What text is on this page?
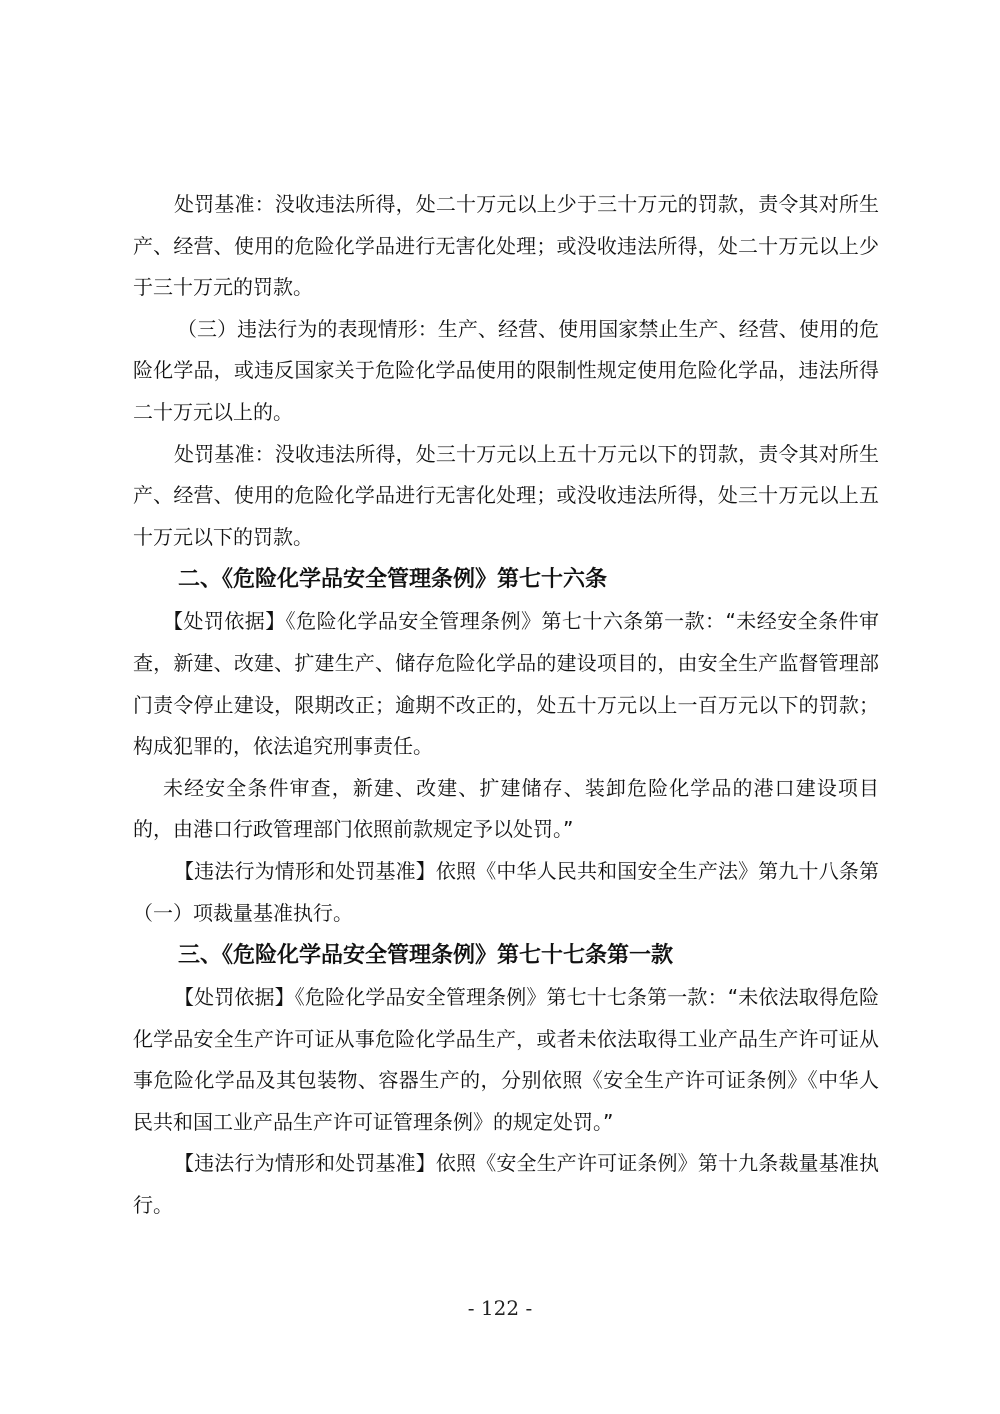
处罚基准：没收违法所得，处二十万元以上少于三十万元的罚款，责令其对所生产、经营、使用的危险化学品进行无害化处理；或没收违法所得，处二十万元以上少于三十万元的罚款。

（三）违法行为的表现情形：生产、经营、使用国家禁止生产、经营、使用的危险化学品，或违反国家关于危险化学品使用的限制性规定使用危险化学品，违法所得二十万元以上的。

处罚基准：没收违法所得，处三十万元以上五十万元以下的罚款，责令其对所生产、经营、使用的危险化学品进行无害化处理；或没收违法所得，处三十万元以上五十万元以下的罚款。

二、《危险化学品安全管理条例》第七十六条

【处罚依据】《危险化学品安全管理条例》第七十六条第一款：“未经安全条件审查，新建、改建、扩建生产、储存危险化学品的建设项目的，由安全生产监督管理部门责令停止建设，限期改正；逾期不改正的，处五十万元以上一百万元以下的罚款；构成犯罪的，依法追究刑事责任。

未经安全条件审查，新建、改建、扩建储存、装卸危险化学品的港口建设项目的，由港口行政管理部门依照前款规定予以处罚。”

【违法行为情形和处罚基准】依照《中华人民共和国安全生产法》第九十八条第（一）项裁量基准执行。

三、《危险化学品安全管理条例》第七十七条第一款

【处罚依据】《危险化学品安全管理条例》第七十七条第一款：“未依法取得危险化学品安全生产许可证从事危险化学品生产，或者未依法取得工业产品生产许可证从事危险化学品及其包装物、容器生产的，分别依照《安全生产许可证条例》《中华人民共和国工业产品生产许可证管理条例》的规定处罚。”

【违法行为情形和处罚基准】依照《安全生产许可证条例》第十九条裁量基准执行。

- 122 -
